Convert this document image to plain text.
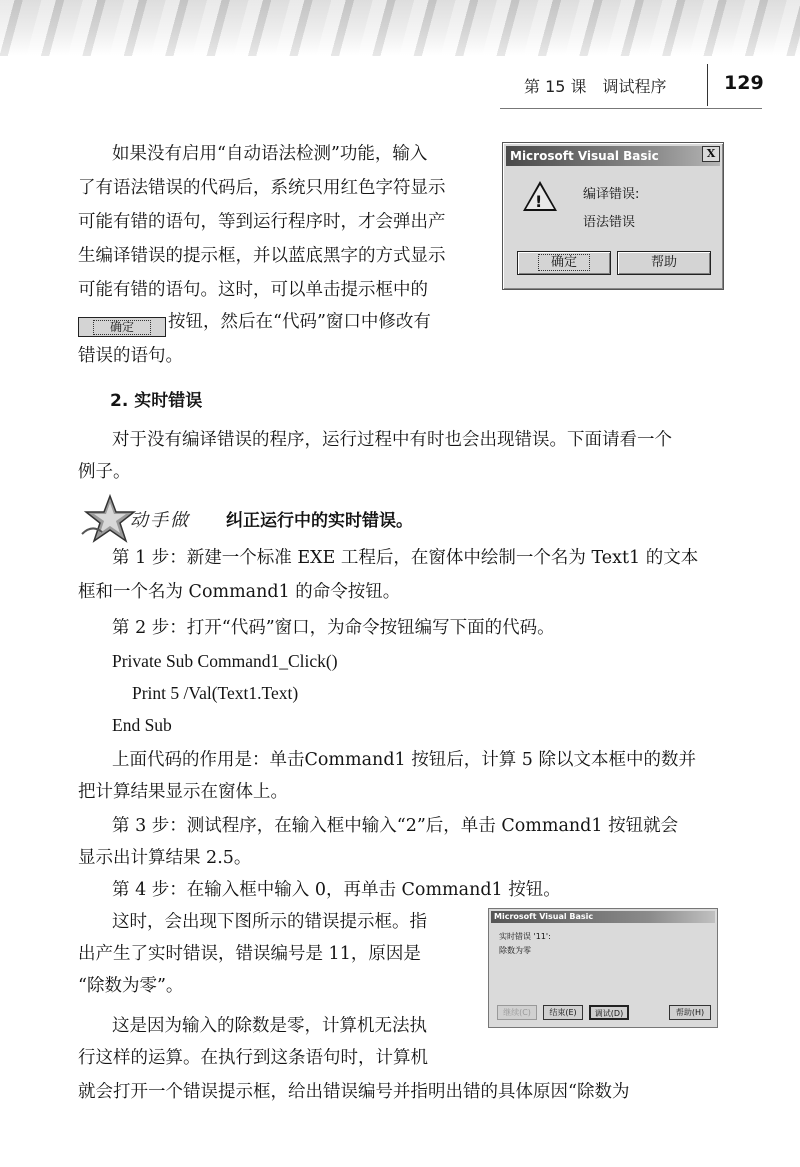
第 15 课　调试程序	129

如果没有启用“自动语法检测”功能，输入

了有语法错误的代码后，系统只用红色字符显示

可能有错的语句，等到运行程序时，才会弹出产

生编译错误的提示框，并以蓝底黑字的方式显示

可能有错的语句。这时，可以单击提示框中的

确定 按钮，然后在“代码”窗口中修改有

错误的语句。

Microsoft Visual Basic	X
!	编译错误:
语法错误
确定	帮助

2. 实时错误

对于没有编译错误的程序，运行过程中有时也会出现错误。下面请看一个

例子。

动手做 纠正运行中的实时错误。

第 1 步：新建一个标准 EXE 工程后，在窗体中绘制一个名为 Text1 的文本

框和一个名为 Command1 的命令按钮。

第 2 步：打开“代码”窗口，为命令按钮编写下面的代码。

Private Sub Command1_Click()

Print 5 /Val(Text1.Text)

End Sub

上面代码的作用是：单击Command1 按钮后，计算 5 除以文本框中的数并

把计算结果显示在窗体上。

第 3 步：测试程序，在输入框中输入“2”后，单击 Command1 按钮就会

显示出计算结果 2.5。

第 4 步：在输入框中输入 0，再单击 Command1 按钮。

这时，会出现下图所示的错误提示框。指

出产生了实时错误，错误编号是 11，原因是

“除数为零”。

这是因为输入的除数是零，计算机无法执

行这样的运算。在执行到这条语句时，计算机

就会打开一个错误提示框，给出错误编号并指明出错的具体原因“除数为

Microsoft Visual Basic
实时错误 '11':
除数为零
继续(C)	结束(E)	调试(D)	帮助(H)
